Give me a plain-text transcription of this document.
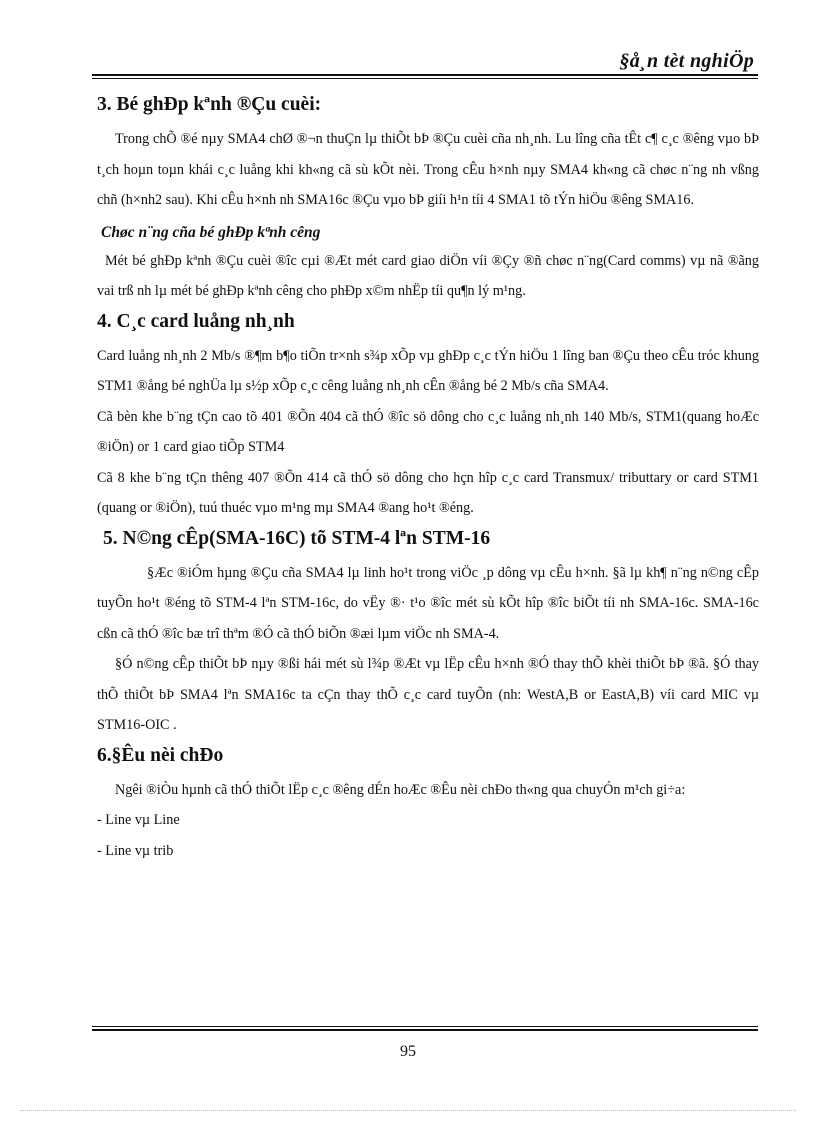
§å¸n tèt nghiÖp
3. Bé ghÐp kªnh ®Çu cuèi:

Trong chÕ ®é nµy SMA4 chØ ®¬n thuÇn lµ thiÕt bÞ ®Çu cuèi cña nh¸nh. Lu lîng cña tÊt c¶ c¸c ®êng vµo bÞ t¸ch hoµn toµn khái c¸c luång khi kh«ng cã sù kÕt nèi. Trong cÊu h×nh nµy SMA4 kh«ng cã chøc n¨ng nh vßng chñ (h×nh2 sau). Khi cÊu h×nh nh SMA16c ®Çu vµo bÞ giíi h¹n tíi 4 SMA1 tõ tÝn hiÖu ®êng SMA16.

Chøc n¨ng cña bé ghÐp kªnh cêng

Mét bé ghÐp kªnh ®Çu cuèi ®îc cµi ®Æt mét card giao diÖn víi ®Çy ®ñ chøc n¨ng(Card comms) vµ nã ®ãng vai trß nh lµ mét bé ghÐp kªnh cêng cho phÐp x©m nhËp tíi qu¶n lý m¹ng.

4. C¸c card luång nh¸nh

Card luång nh¸nh 2 Mb/s ®¶m b¶o tiÕn tr×nh s¾p xÕp vµ ghÐp c¸c tÝn hiÖu 1 lîng ban ®Çu theo cÊu tróc khung STM1 ®ång bé nghÜa lµ s½p xÕp c¸c cêng luång nh¸nh cÊn ®ång bé 2 Mb/s cña SMA4.

Cã bèn khe b¨ng tÇn cao tõ 401 ®Õn 404 cã thÓ ®îc sö dông cho c¸c luång nh¸nh 140 Mb/s, STM1(quang hoÆc ®iÖn) or 1 card giao tiÕp STM4

Cã 8 khe b¨ng tÇn thêng 407 ®Õn 414 cã thÓ sö dông cho hçn hîp c¸c card Transmux/ tributtary or card STM1 (quang or ®iÖn), tuú thuéc vµo m¹ng mµ SMA4 ®ang ho¹t ®éng.

5. N©ng cÊp(SMA-16C) tõ STM-4 lªn STM-16

§Æc ®iÓm hµng ®Çu cña SMA4 lµ linh ho¹t trong viÖc ¸p dông vµ cÊu h×nh. §ã lµ kh¶ n¨ng n©ng cÊp tuyÕn ho¹t ®éng tõ STM-4 lªn STM-16c, do vËy ®· t¹o ®îc mét sù kÕt hîp ®îc biÕt tíi nh SMA-16c. SMA-16c cßn cã thÓ ®îc bæ trî thªm ®Ó cã thÓ biÕn ®æi lµm viÖc nh SMA-4.

§Ó n©ng cÊp thiÕt bÞ nµy ®ßi hái mét sù l¾p ®Æt vµ lËp cÊu h×nh ®Ó thay thÕ khèi thiÕt bÞ ®ã. §Ó thay thÕ thiÕt bÞ SMA4 lªn SMA16c ta cÇn thay thÕ c¸c card tuyÕn (nh: WestA,B or EastA,B) víi card MIC vµ STM16-OIC .

6.§Êu nèi chÐo

Ngêi ®iÒu hµnh cã thÓ thiÕt lËp c¸c ®êng dÉn hoÆc ®Êu nèi chÐo th«ng qua chuyÓn m¹ch gi÷a:

- Line vµ Line

- Line vµ trib

95
